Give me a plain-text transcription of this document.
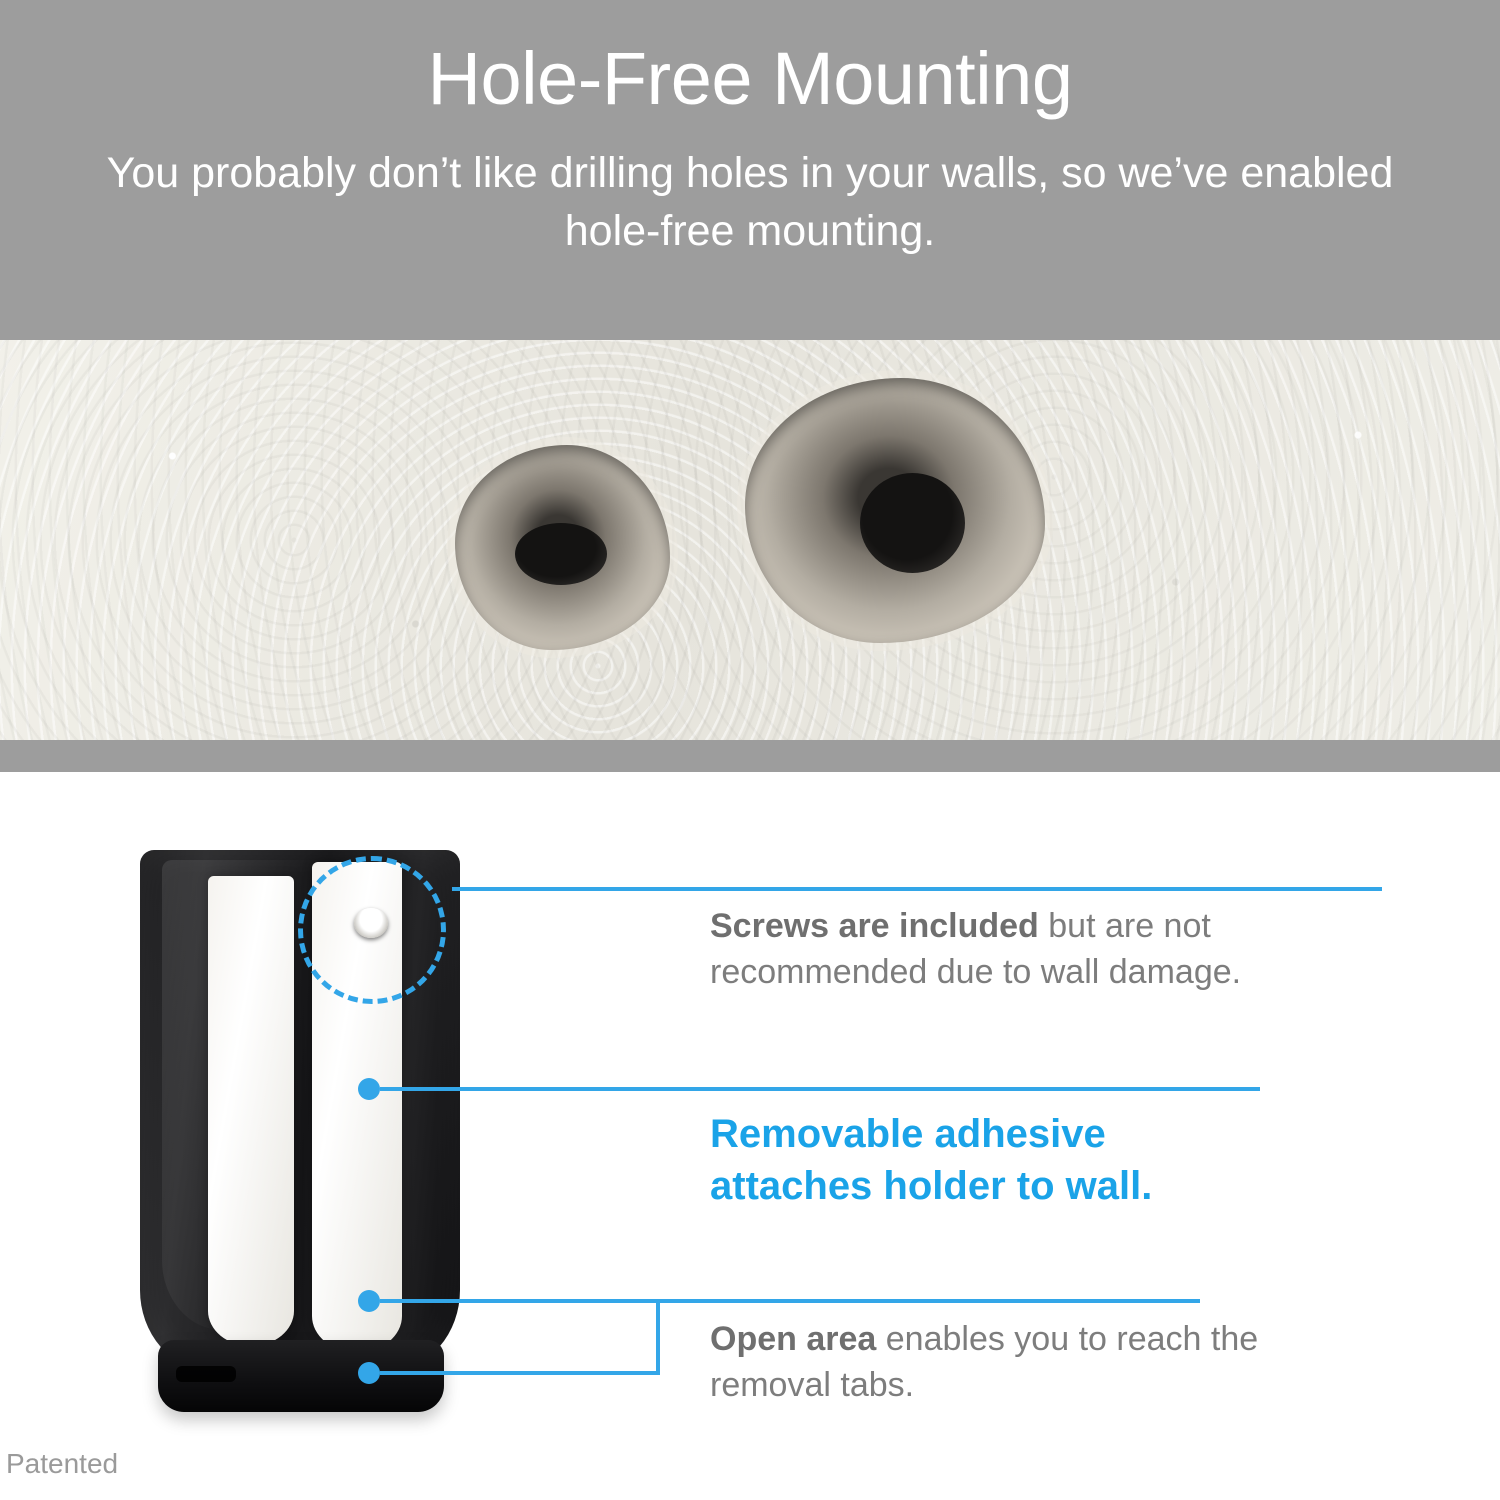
Hole-Free Mounting

You probably don’t like drilling holes in your walls, so we’ve enabled hole-free mounting.

Screws are included but are not recommended due to wall damage.
Removable adhesive
attaches holder to wall.
Open area enables you to reach the removal tabs.
Patented
